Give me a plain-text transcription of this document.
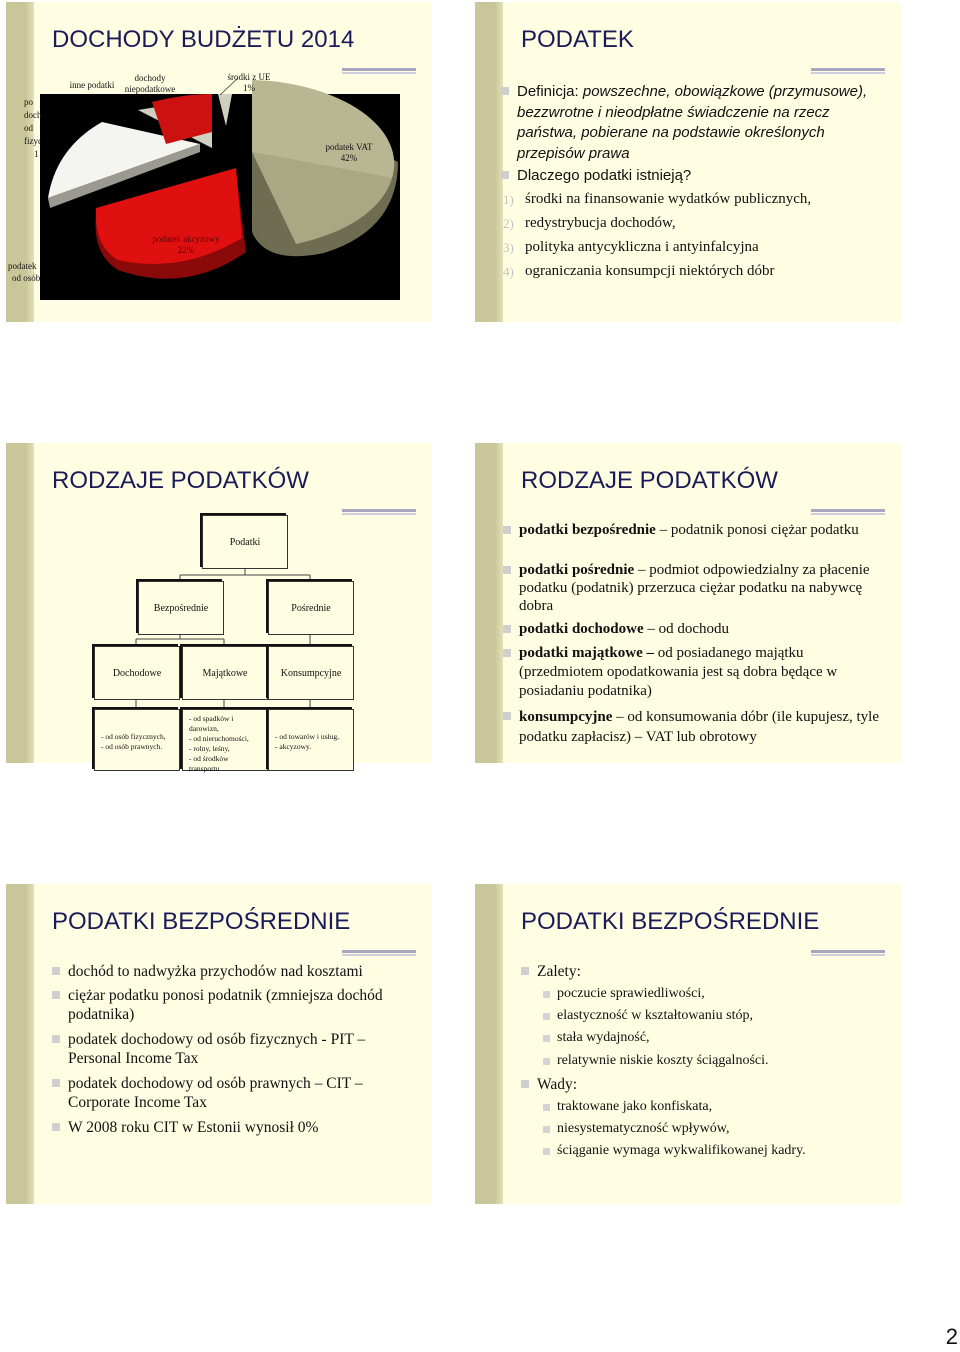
DOCHODY BUDŻETU 2014
podatek VAT
42%
podatek akcyzowy
22%
środki z UE
1%
inne podatki
dochody
niepodatkowe
po
doch
od
fizyc
1
podatek
od osób
PODATEK
Definicja: powszechne, obowiązkowe (przymusowe), bezzwrotne i nieodpłatne świadczenie na rzecz państwa, pobierane na podstawie określonych przepisów prawa
Dlaczego podatki istnieją?
1) środki na finansowanie wydatków publicznych,
2) redystrybucja dochodów,
3) polityka antycykliczna i antyinfalcyjna
4) ograniczania konsumpcji niektórych dóbr
RODZAJE PODATKÓW
Podatki
Bezpośrednie	Pośrednie
Dochodowe	Majątkowe	Konsumpcyjne
- od osób fizycznych,
- od osób prawnych.
- od spadków i
darowizn,
- od nieruchomości,
- rolny, leśny,
- od środków
transportu
- od towarów i usług,
- akcyzowy.
RODZAJE PODATKÓW
podatki bezpośrednie – podatnik ponosi ciężar podatku
podatki pośrednie – podmiot odpowiedzialny za płacenie podatku (podatnik) przerzuca ciężar podatku na nabywcę dobra
podatki dochodowe – od dochodu
podatki majątkowe – od posiadanego majątku (przedmiotem opodatkowania jest są dobra będące w posiadaniu podatnika)
konsumpcyjne – od konsumowania dóbr (ile kupujesz, tyle podatku zapłacisz) – VAT lub obrotowy
PODATKI BEZPOŚREDNIE
dochód to nadwyżka przychodów nad kosztami
ciężar podatku ponosi podatnik (zmniejsza dochód podatnika)
podatek dochodowy od osób fizycznych - PIT – Personal Income Tax
podatek dochodowy od osób prawnych – CIT – Corporate Income Tax
W 2008 roku CIT w Estonii wynosił 0%
PODATKI BEZPOŚREDNIE
Zalety:
poczucie sprawiedliwości,
elastyczność w kształtowaniu stóp,
stała wydajność,
relatywnie niskie koszty ściągalności.
Wady:
traktowane jako konfiskata,
niesystematyczność wpływów,
ściąganie wymaga wykwalifikowanej kadry.
2
